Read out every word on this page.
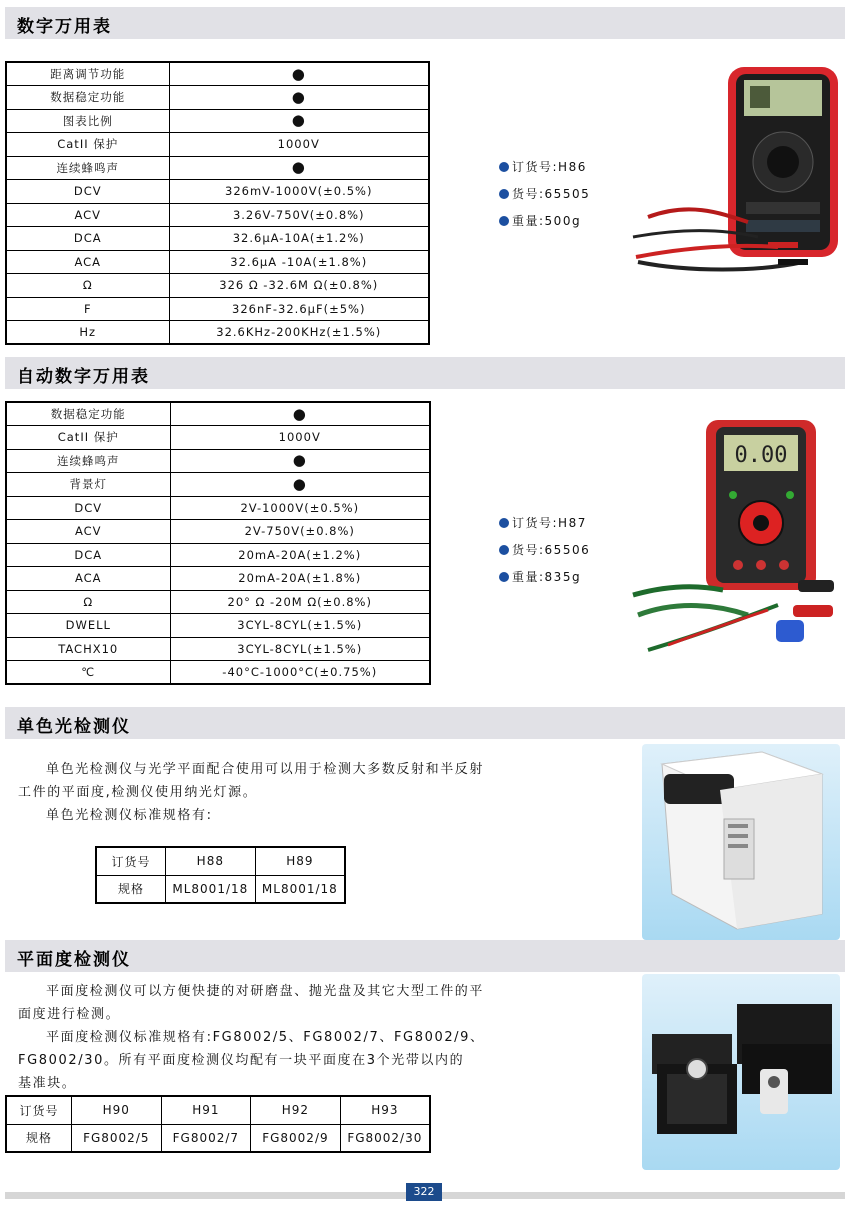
数字万用表
距离调节功能	●
数据稳定功能	●
图表比例	●
CatII 保护	1000V
连续蜂鸣声	●
DCV	326mV-1000V(±0.5%)
ACV	3.26V-750V(±0.8%)
DCA	32.6μA-10A(±1.2%)
ACA	32.6μA -10A(±1.8%)
Ω	326 Ω -32.6M Ω(±0.8%)
F	326nF-32.6μF(±5%)
Hz	32.6KHz-200KHz(±1.5%)
订货号:H86
货号:65505
重量:500g
自动数字万用表
数据稳定功能	●
CatII 保护	1000V
连续蜂鸣声	●
背景灯	●
DCV	2V-1000V(±0.5%)
ACV	2V-750V(±0.8%)
DCA	20mA-20A(±1.2%)
ACA	20mA-20A(±1.8%)
Ω	20° Ω -20M Ω(±0.8%)
DWELL	3CYL-8CYL(±1.5%)
TACHX10	3CYL-8CYL(±1.5%)
℃	-40°C-1000°C(±0.75%)
订货号:H87
货号:65506
重量:835g
0.00
单色光检测仪

单色光检测仪与光学平面配合使用可以用于检测大多数反射和半反射

工件的平面度,检测仪使用纳光灯源。

单色光检测仪标准规格有:

订货号	H88	H89
规格	ML8001/18	ML8001/18
平面度检测仪

平面度检测仪可以方便快捷的对研磨盘、抛光盘及其它大型工件的平

面度进行检测。

平面度检测仪标准规格有:FG8002/5、FG8002/7、FG8002/9、

FG8002/30。所有平面度检测仪均配有一块平面度在3个光带以内的

基准块。

订货号	H90	H91	H92	H93
规格	FG8002/5	FG8002/7	FG8002/9	FG8002/30
322
